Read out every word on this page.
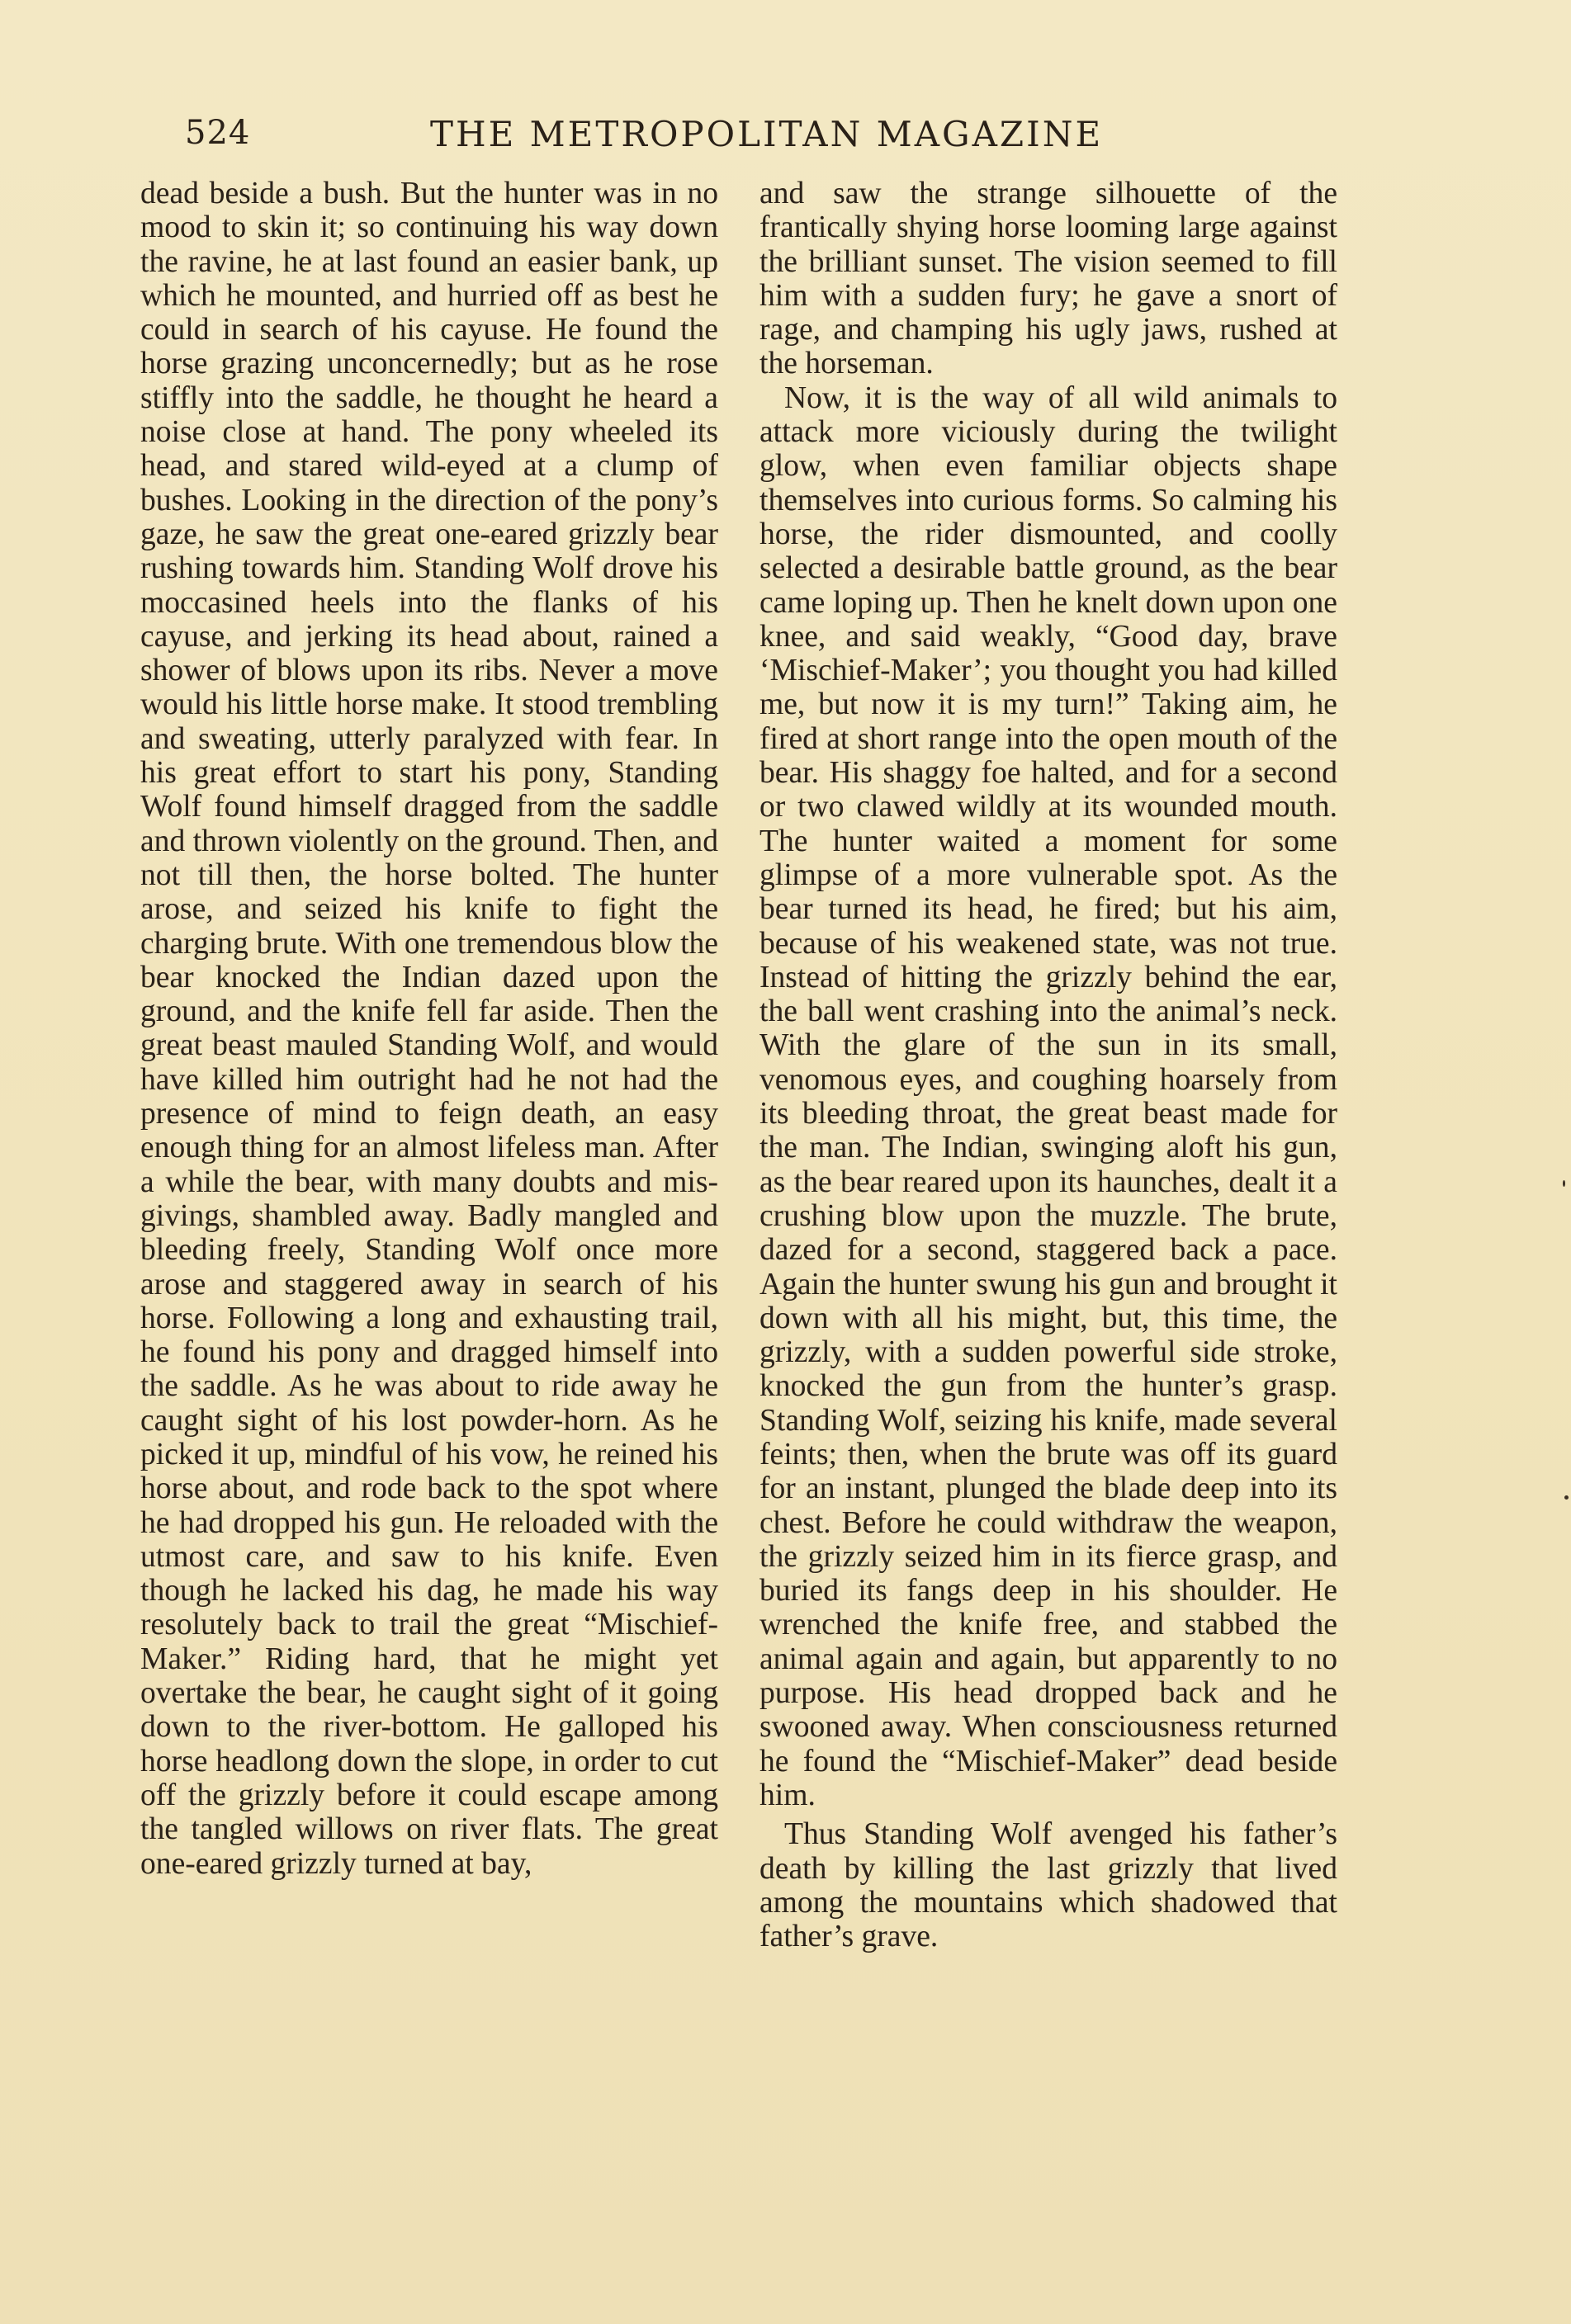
524	THE METROPOLITAN MAGAZINE

dead beside a bush. But the hunter was in no mood to skin it; so continuing his way down the ravine, he at last found an easier bank, up which he mounted, and hurried off as best he could in search of his cayuse. He found the horse grazing unconcernedly; but as he rose stiffly into the saddle, he thought he heard a noise close at hand. The pony wheeled its head, and stared wild-eyed at a clump of bushes. Looking in the direction of the pony’s gaze, he saw the great one-eared grizzly bear rushing towards him. Standing Wolf drove his moccasined heels into the flanks of his cayuse, and jerking its head about, rained a shower of blows upon its ribs. Never a move would his little horse make. It stood trembling and sweating, utterly paralyzed with fear. In his great effort to start his pony, Standing Wolf found himself dragged from the saddle and thrown violently on the ground. Then, and not till then, the horse bolted. The hunter arose, and seized his knife to fight the charging brute. With one tremendous blow the bear knocked the Indian dazed upon the ground, and the knife fell far aside. Then the great beast mauled Standing Wolf, and would have killed him outright had he not had the presence of mind to feign death, an easy enough thing for an almost lifeless man. After a while the bear, with many doubts and misgivings, shambled away. Badly mangled and bleeding freely, Standing Wolf once more arose and staggered away in search of his horse. Following a long and exhausting trail, he found his pony and dragged himself into the saddle. As he was about to ride away he caught sight of his lost powder-horn. As he picked it up, mindful of his vow, he reined his horse about, and rode back to the spot where he had dropped his gun. He reloaded with the utmost care, and saw to his knife. Even though he lacked his dag, he made his way resolutely back to trail the great “Mischief-Maker.” Riding hard, that he might yet overtake the bear, he caught sight of it going down to the river-bottom. He galloped his horse headlong down the slope, in order to cut off the grizzly before it could escape among the tangled willows on river flats. The great one-eared grizzly turned at bay,

and saw the strange silhouette of the frantically shying horse looming large against the brilliant sunset. The vision seemed to fill him with a sudden fury; he gave a snort of rage, and champing his ugly jaws, rushed at the horseman.

Now, it is the way of all wild animals to attack more viciously during the twilight glow, when even familiar objects shape themselves into curious forms. So calming his horse, the rider dismounted, and coolly selected a desirable battle ground, as the bear came loping up. Then he knelt down upon one knee, and said weakly, “Good day, brave ‘Mischief-Maker’; you thought you had killed me, but now it is my turn!” Taking aim, he fired at short range into the open mouth of the bear. His shaggy foe halted, and for a second or two clawed wildly at its wounded mouth. The hunter waited a moment for some glimpse of a more vulnerable spot. As the bear turned its head, he fired; but his aim, because of his weakened state, was not true. Instead of hitting the grizzly behind the ear, the ball went crashing into the animal’s neck. With the glare of the sun in its small, venomous eyes, and coughing hoarsely from its bleeding throat, the great beast made for the man. The Indian, swinging aloft his gun, as the bear reared upon its haunches, dealt it a crushing blow upon the muzzle. The brute, dazed for a second, staggered back a pace. Again the hunter swung his gun and brought it down with all his might, but, this time, the grizzly, with a sudden powerful side stroke, knocked the gun from the hunter’s grasp. Standing Wolf, seizing his knife, made several feints; then, when the brute was off its guard for an instant, plunged the blade deep into its chest. Before he could withdraw the weapon, the grizzly seized him in its fierce grasp, and buried its fangs deep in his shoulder. He wrenched the knife free, and stabbed the animal again and again, but apparently to no purpose. His head dropped back and he swooned away. When consciousness returned he found the “Mischief-Maker” dead beside him.

Thus Standing Wolf avenged his father’s death by killing the last grizzly that lived among the mountains which shadowed that father’s grave.
